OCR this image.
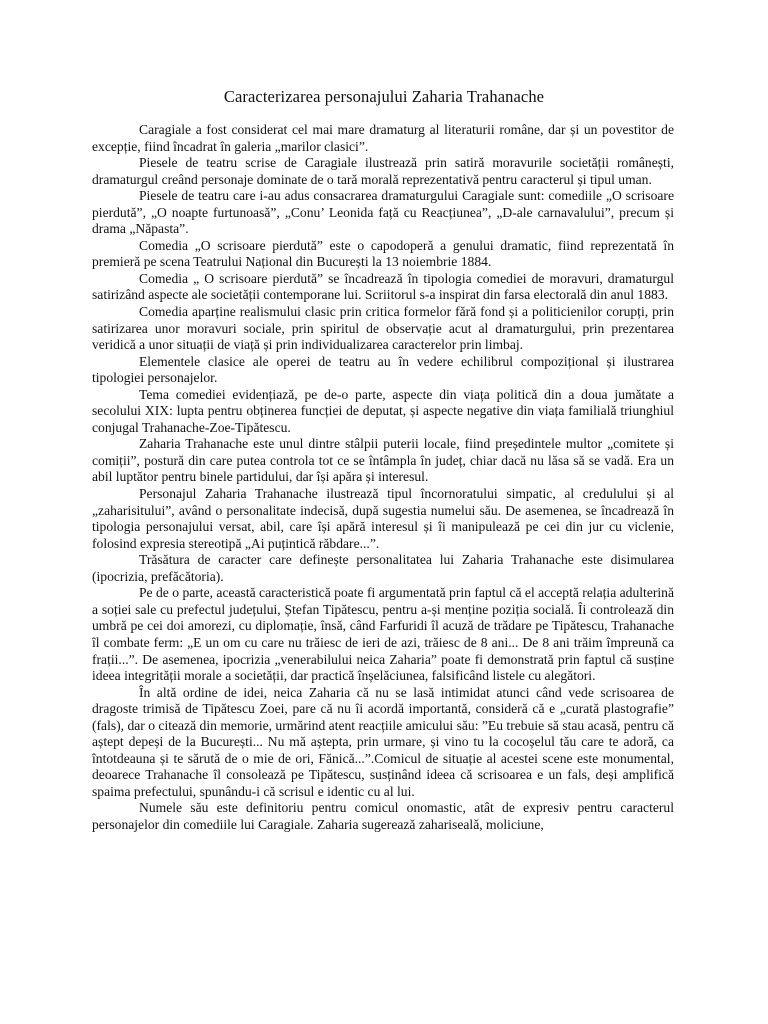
Caracterizarea personajului Zaharia Trahanache

Caragiale a fost considerat cel mai mare dramaturg al literaturii române, dar și un povestitor de excepție, fiind încadrat în galeria „marilor clasici”.

Piesele de teatru scrise de Caragiale ilustrează prin satiră moravurile societății românești, dramaturgul creând personaje dominate de o tară morală reprezentativă pentru caracterul și tipul uman.

Piesele de teatru care i-au adus consacrarea dramaturgului Caragiale sunt: comediile „O scrisoare pierdută”, „O noapte furtunoasă”, „Conu’ Leonida față cu Reacțiunea”, „D-ale carnavalului”, precum și drama „Năpasta”.

Comedia „O scrisoare pierdută” este o capodoperă a genului dramatic, fiind reprezentată în premieră pe scena Teatrului Național din București la 13 noiembrie 1884.

Comedia „ O scrisoare pierdută” se încadrează în tipologia comediei de moravuri, dramaturgul satirizând aspecte ale societății contemporane lui. Scriitorul s-a inspirat din farsa electorală din anul 1883.

Comedia aparține realismului clasic prin critica formelor fără fond și a politicienilor corupți, prin satirizarea unor moravuri sociale, prin spiritul de observație acut al dramaturgului, prin prezentarea veridică a unor situații de viață și prin individualizarea caracterelor prin limbaj.

Elementele clasice ale operei de teatru au în vedere echilibrul compozițional și ilustrarea tipologiei personajelor.

Tema comediei evidențiază, pe de-o parte, aspecte din viața politică din a doua jumătate a secolului XIX: lupta pentru obținerea funcției de deputat, și aspecte negative din viața familială triunghiul conjugal Trahanache-Zoe-Tipătescu.

Zaharia Trahanache este unul dintre stâlpii puterii locale, fiind președintele multor „comitete și comiții”, postură din care putea controla tot ce se întâmpla în județ, chiar dacă nu lăsa să se vadă. Era un abil luptător pentru binele partidului, dar își apăra și interesul.

Personajul Zaharia Trahanache ilustrează tipul încornoratului simpatic, al credulului și al „zaharisitului”, având o personalitate indecisă, după sugestia numelui său. De asemenea, se încadrează în tipologia personajului versat, abil, care își apără interesul și îi manipulează pe cei din jur cu viclenie, folosind expresia stereotipă „Ai puțintică răbdare...”.

Trăsătura de caracter care definește personalitatea lui Zaharia Trahanache este disimularea (ipocrizia, prefăcătoria).

Pe de o parte, această caracteristică poate fi argumentată prin faptul că el acceptă relația adulterină a soției sale cu prefectul județului, Ștefan Tipătescu, pentru a-și menține poziția socială. Îi controlează din umbră pe cei doi amorezi, cu diplomație, însă, când Farfuridi îl acuză de trădare pe Tipătescu, Trahanache îl combate ferm: „E un om cu care nu trăiesc de ieri de azi, trăiesc de 8 ani... De 8 ani trăim împreună ca frații...”. De asemenea, ipocrizia „venerabilului neica Zaharia” poate fi demonstrată prin faptul că susține ideea integrității morale a societății, dar practică înșelăciunea, falsificând listele cu alegători.

În altă ordine de idei, neica Zaharia că nu se lasă intimidat atunci când vede scrisoarea de dragoste trimisă de Tipătescu Zoei, pare că nu îi acordă importantă, consideră că e „curată plastografie” (fals), dar o citează din memorie, urmărind atent reacțiile amicului său: ”Eu trebuie să stau acasă, pentru că aștept depeși de la București... Nu mă aștepta, prin urmare, și vino tu la cocoșelul tău care te adoră, ca întotdeauna și te sărută de o mie de ori, Fănică...”.Comicul de situație al acestei scene este monumental, deoarece Trahanache îl consolează pe Tipătescu, susținând ideea că scrisoarea e un fals, deși amplifică spaima prefectului, spunându-i că scrisul e identic cu al lui.

Numele său este definitoriu pentru comicul onomastic, atât de expresiv pentru caracterul personajelor din comediile lui Caragiale. Zaharia sugerează zaharisealǎ, moliciune,
